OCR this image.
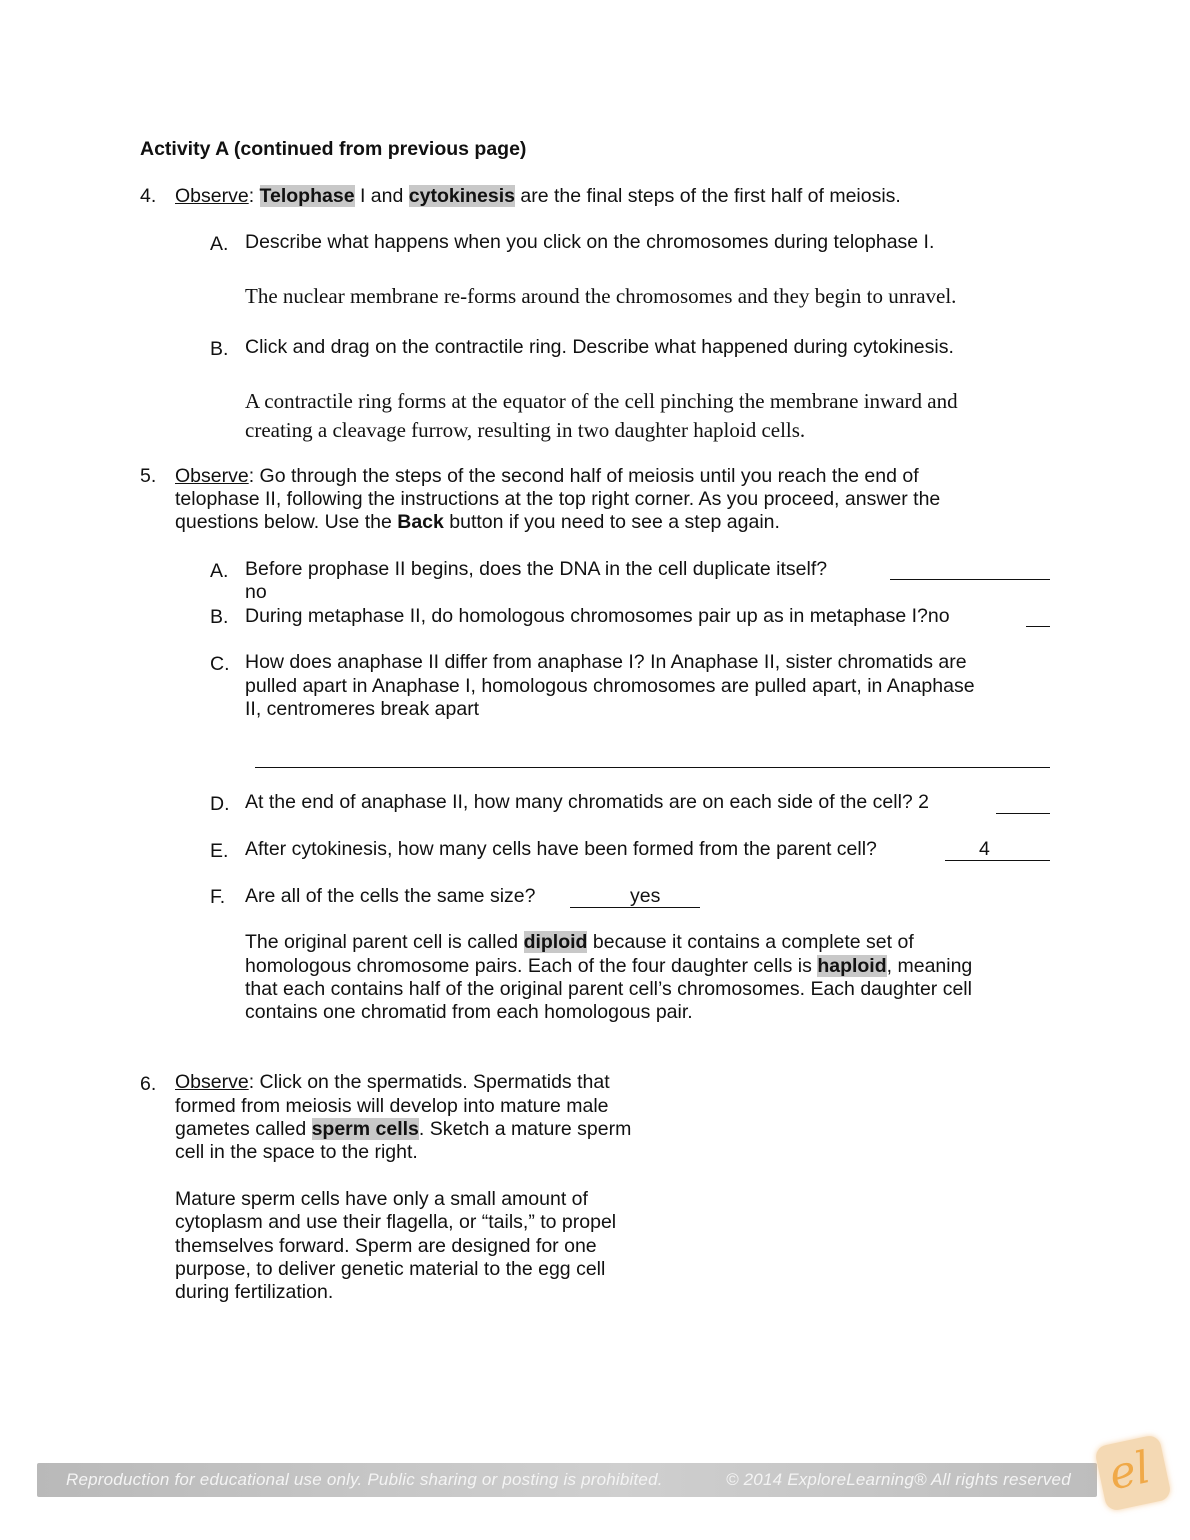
Activity A (continued from previous page)
4. Observe: Telophase I and cytokinesis are the final steps of the first half of meiosis.
A. Describe what happens when you click on the chromosomes during telophase I.
The nuclear membrane re-forms around the chromosomes and they begin to unravel.
B. Click and drag on the contractile ring. Describe what happened during cytokinesis.
A contractile ring forms at the equator of the cell pinching the membrane inward and
creating a cleavage furrow, resulting in two daughter haploid cells.
5. Observe: Go through the steps of the second half of meiosis until you reach the end of
telophase II, following the instructions at the top right corner. As you proceed, answer the
questions below. Use the Back button if you need to see a step again.
A. Before prophase II begins, does the DNA in the cell duplicate itself?
no
B. During metaphase II, do homologous chromosomes pair up as in metaphase I?no
C. How does anaphase II differ from anaphase I? In Anaphase II, sister chromatids are
pulled apart in Anaphase I, homologous chromosomes are pulled apart, in Anaphase
II, centromeres break apart
D. At the end of anaphase II, how many chromatids are on each side of the cell? 2
E. After cytokinesis, how many cells have been formed from the parent cell?	4
F.	Are all of the cells the same size?	yes
The original parent cell is called diploid because it contains a complete set of
homologous chromosome pairs. Each of the four daughter cells is haploid, meaning
that each contains half of the original parent cell’s chromosomes. Each daughter cell
contains one chromatid from each homologous pair.
6. Observe: Click on the spermatids. Spermatids that
formed from meiosis will develop into mature male
gametes called sperm cells. Sketch a mature sperm
cell in the space to the right.
Mature sperm cells have only a small amount of
cytoplasm and use their flagella, or “tails,” to propel
themselves forward. Sperm are designed for one
purpose, to deliver genetic material to the egg cell
during fertilization.
Reproduction for educational use only. Public sharing or posting is prohibited.	© 2014 ExploreLearning® All rights reserved el
